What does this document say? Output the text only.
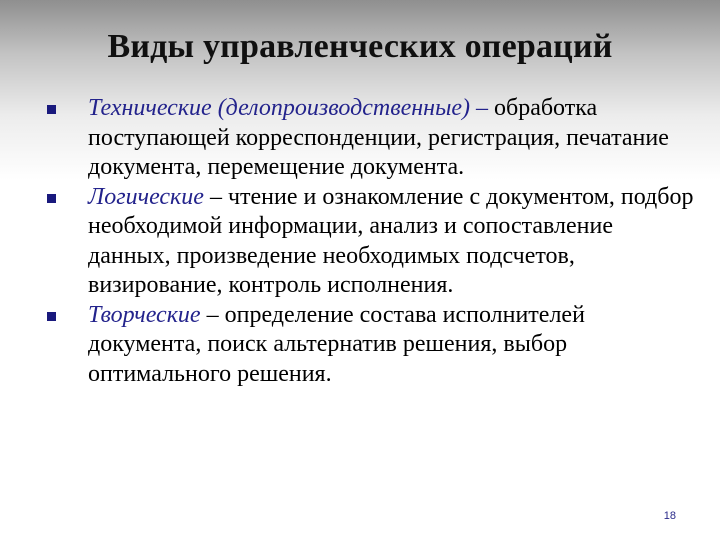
Виды управленческих операций
Технические (делопроизводственные) – обработка поступающей корреспонденции, регистрация, печатание документа, перемещение документа.
Логические – чтение и ознакомление с документом, подбор необходимой информации, анализ и сопоставление данных, произведение необходимых подсчетов, визирование, контроль исполнения.
Творческие – определение состава исполнителей документа, поиск альтернатив решения, выбор оптимального решения.
18
